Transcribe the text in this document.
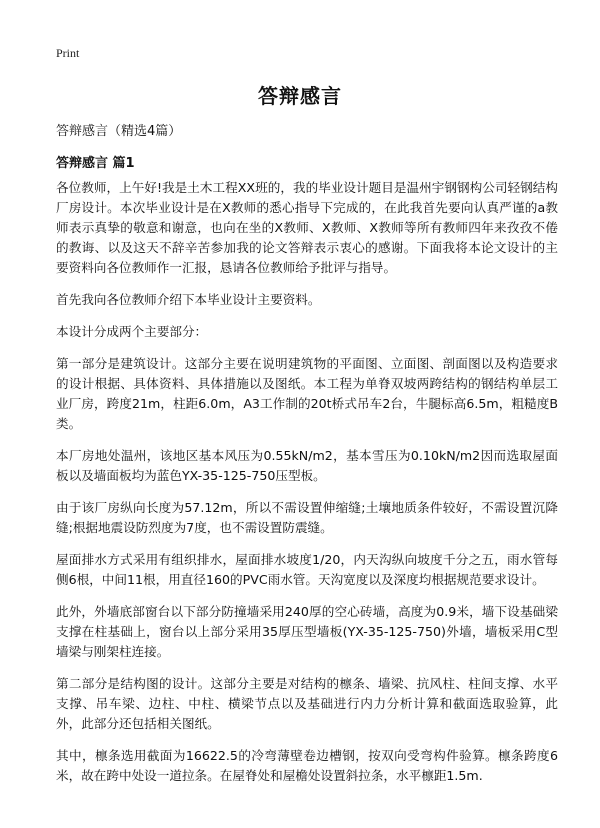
Print
答辩感言
答辩感言（精选4篇）
答辩感言 篇1

各位教师，上午好!我是土木工程XX班的，我的毕业设计题目是温州宇钢钢构公司轻钢结构厂房设计。本次毕业设计是在X教师的悉心指导下完成的，在此我首先要向认真严谨的a教师表示真挚的敬意和谢意，也向在坐的X教师、X教师、X教师等所有教师四年来孜孜不倦的教诲、以及这天不辞辛苦参加我的论文答辩表示衷心的感谢。下面我将本论文设计的主要资料向各位教师作一汇报，恳请各位教师给予批评与指导。

首先我向各位教师介绍下本毕业设计主要资料。

本设计分成两个主要部分：

第一部分是建筑设计。这部分主要在说明建筑物的平面图、立面图、剖面图以及构造要求的设计根据、具体资料、具体措施以及图纸。本工程为单脊双坡两跨结构的钢结构单层工业厂房，跨度21m，柱距6.0m，A3工作制的20t桥式吊车2台，牛腿标高6.5m，粗糙度B类。

本厂房地处温州，该地区基本风压为0.55kN/m2，基本雪压为0.10kN/m2因而选取屋面板以及墙面板均为蓝色YX-35-125-750压型板。

由于该厂房纵向长度为57.12m，所以不需设置伸缩缝;土壤地质条件较好，不需设置沉降缝;根据地震设防烈度为7度，也不需设置防震缝。

屋面排水方式采用有组织排水，屋面排水坡度1/20，内天沟纵向坡度千分之五，雨水管每侧6根，中间11根，用直径160的PVC雨水管。天沟宽度以及深度均根据规范要求设计。

此外，外墙底部窗台以下部分防撞墙采用240厚的空心砖墙，高度为0.9米，墙下设基础梁支撑在柱基础上，窗台以上部分采用35厚压型墙板(YX-35-125-750)外墙，墙板采用C型墙梁与刚架柱连接。

第二部分是结构图的设计。这部分主要是对结构的檩条、墙梁、抗风柱、柱间支撑、水平支撑、吊车梁、边柱、中柱、横梁节点以及基础进行内力分析计算和截面选取验算，此外，此部分还包括相关图纸。

其中，檩条选用截面为16622.5的冷弯薄壁卷边槽钢，按双向受弯构件验算。檩条跨度6米，故在跨中处设一道拉条。在屋脊处和屋檐处设置斜拉条，水平檩距1.5m.
